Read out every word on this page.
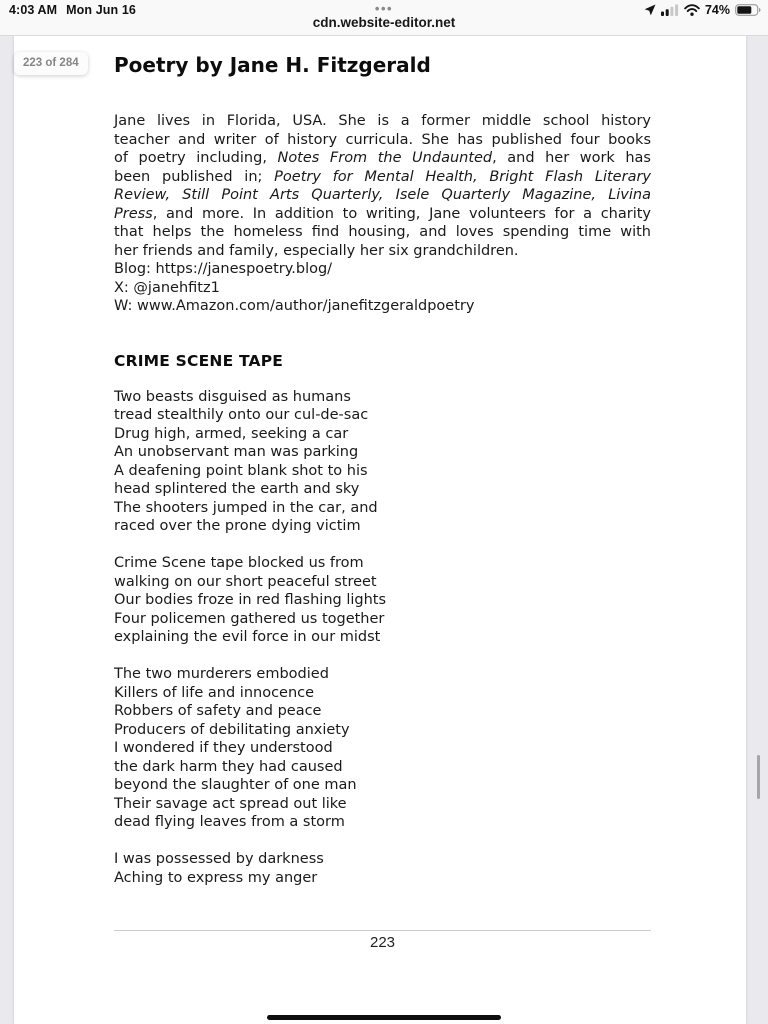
4:03 AM Mon Jun 16	•••
cdn.website-editor.net
74%
Poetry by Jane H. Fitzgerald
Jane lives in Florida, USA. She is a former middle school history
teacher and writer of history curricula. She has published four books
of poetry including, Notes From the Undaunted, and her work has
been published in; Poetry for Mental Health, Bright Flash Literary
Review, Still Point Arts Quarterly, Isele Quarterly Magazine, Livina
Press, and more. In addition to writing, Jane volunteers for a charity
that helps the homeless find housing, and loves spending time with
her friends and family, especially her six grandchildren.
Blog: https://janespoetry.blog/
X: @janehfitz1
W: www.Amazon.com/author/janefitzgeraldpoetry
CRIME SCENE TAPE
Two beasts disguised as humans
tread stealthily onto our cul-de-sac
Drug high, armed, seeking a car
An unobservant man was parking
A deafening point blank shot to his
head splintered the earth and sky
The shooters jumped in the car, and
raced over the prone dying victim
Crime Scene tape blocked us from
walking on our short peaceful street
Our bodies froze in red flashing lights
Four policemen gathered us together
explaining the evil force in our midst
The two murderers embodied
Killers of life and innocence
Robbers of safety and peace
Producers of debilitating anxiety
I wondered if they understood
the dark harm they had caused
beyond the slaughter of one man
Their savage act spread out like
dead flying leaves from a storm
I was possessed by darkness
Aching to express my anger
223
223 of 284
